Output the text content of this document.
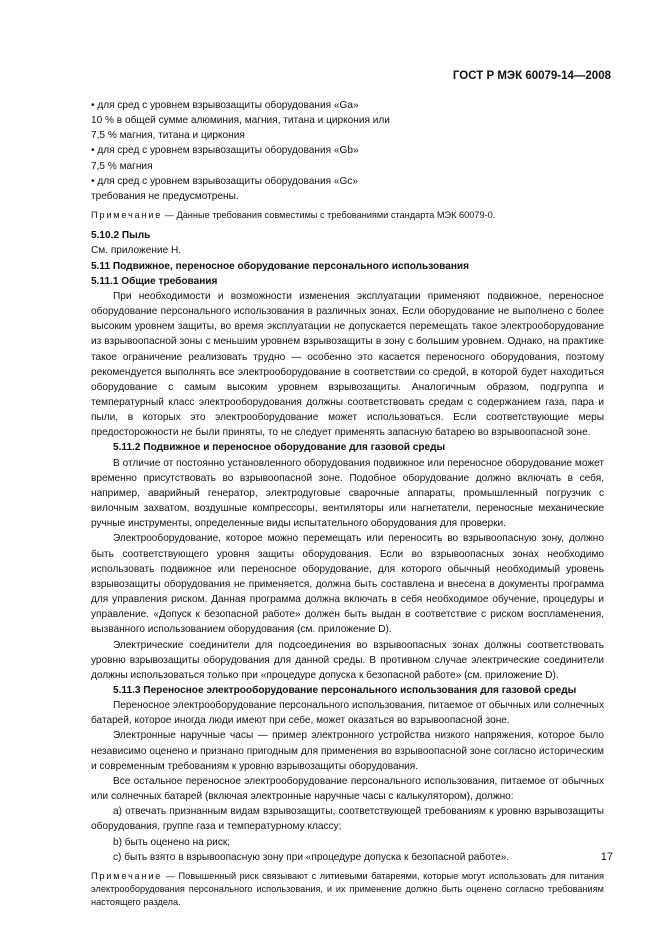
ГОСТ Р МЭК 60079-14—2008

• для сред с уровнем взрывозащиты оборудования «Ga»

10 % в общей сумме алюминия, магния, титана и циркония или

7,5 % магния, титана и циркония

• для сред с уровнем взрывозащиты оборудования «Gb»

7,5 % магния

• для сред с уровнем взрывозащиты оборудования «Gc»

требования не предусмотрены.

Примечание — Данные требования совместимы с требованиями стандарта МЭК 60079-0.

5.10.2 Пыль

См. приложение Н.

5.11 Подвижное, переносное оборудование персонального использования

5.11.1 Общие требования

При необходимости и возможности изменения эксплуатации применяют подвижное, переносное оборудование персонального использования в различных зонах. Если оборудование не выполнено с более высоким уровнем защиты, во время эксплуатации не допускается перемещать такое электрооборудование из взрывоопасной зоны с меньшим уровнем взрывозащиты в зону с большим уровнем. Однако, на практике такое ограничение реализовать трудно — особенно это касается переносного оборудования, поэтому рекомендуется выполнять все электрооборудование в соответствии со средой, в которой будет находиться оборудование с самым высоким уровнем взрывозащиты. Аналогичным образом, подгруппа и температурный класс электрооборудования должны соответствовать средам с содержанием газа, пара и пыли, в которых это электрооборудование может использоваться. Если соответствующие меры предосторожности не были приняты, то не следует применять запасную батарею во взрывоопасной зоне.

5.11.2 Подвижное и переносное оборудование для газовой среды

В отличие от постоянно установленного оборудования подвижное или переносное оборудование может временно присутствовать во взрывоопасной зоне. Подобное оборудование должно включать в себя, например, аварийный генератор, электродуговые сварочные аппараты, промышленный погрузчик с вилочным захватом, воздушные компрессоры, вентиляторы или нагнетатели, переносные механические ручные инструменты, определенные виды испытательного оборудования для проверки.

Электрооборудование, которое можно перемещать или переносить во взрывоопасную зону, должно быть соответствующего уровня защиты оборудования. Если во взрывоопасных зонах необходимо использовать подвижное или переносное оборудование, для которого обычный необходимый уровень взрывозащиты оборудования не применяется, должна быть составлена и внесена в документы программа для управления риском. Данная программа должна включать в себя необходимое обучение, процедуры и управление. «Допуск к безопасной работе» должен быть выдан в соответствие с риском воспламенения, вызванного использованием оборудования (см. приложение D).

Электрические соединители для подсоединения во взрывоопасных зонах должны соответствовать уровню взрывозащиты оборудования для данной среды. В противном случае электрические соединители должны использоваться только при «процедуре допуска к безопасной работе» (см. приложение D).

5.11.3 Переносное электрооборудование персонального использования для газовой среды

Переносное электрооборудование персонального использования, питаемое от обычных или солнечных батарей, которое иногда люди имеют при себе, может оказаться во взрывоопасной зоне.

Электронные наручные часы — пример электронного устройства низкого напряжения, которое было независимо оценено и признано пригодным для применения во взрывоопасной зоне согласно историческим и современным требованиям к уровню взрывозащиты оборудования.

Все остальное переносное электрооборудование персонального использования, питаемое от обычных или солнечных батарей (включая электронные наручные часы с калькулятором), должно:

a) отвечать признанным видам взрывозащиты, соответствующей требованиям к уровню взрывозащиты оборудования, группе газа и температурному классу;

b) быть оценено на риск;

c) быть взято в взрывоопасную зону при «процедуре допуска к безопасной работе».

Примечание — Повышенный риск связывают с литиевыми батареями, которые могут использовать для питания электрооборудования персонального использования, и их применение должно быть оценено согласно требованиям настоящего раздела.

17
